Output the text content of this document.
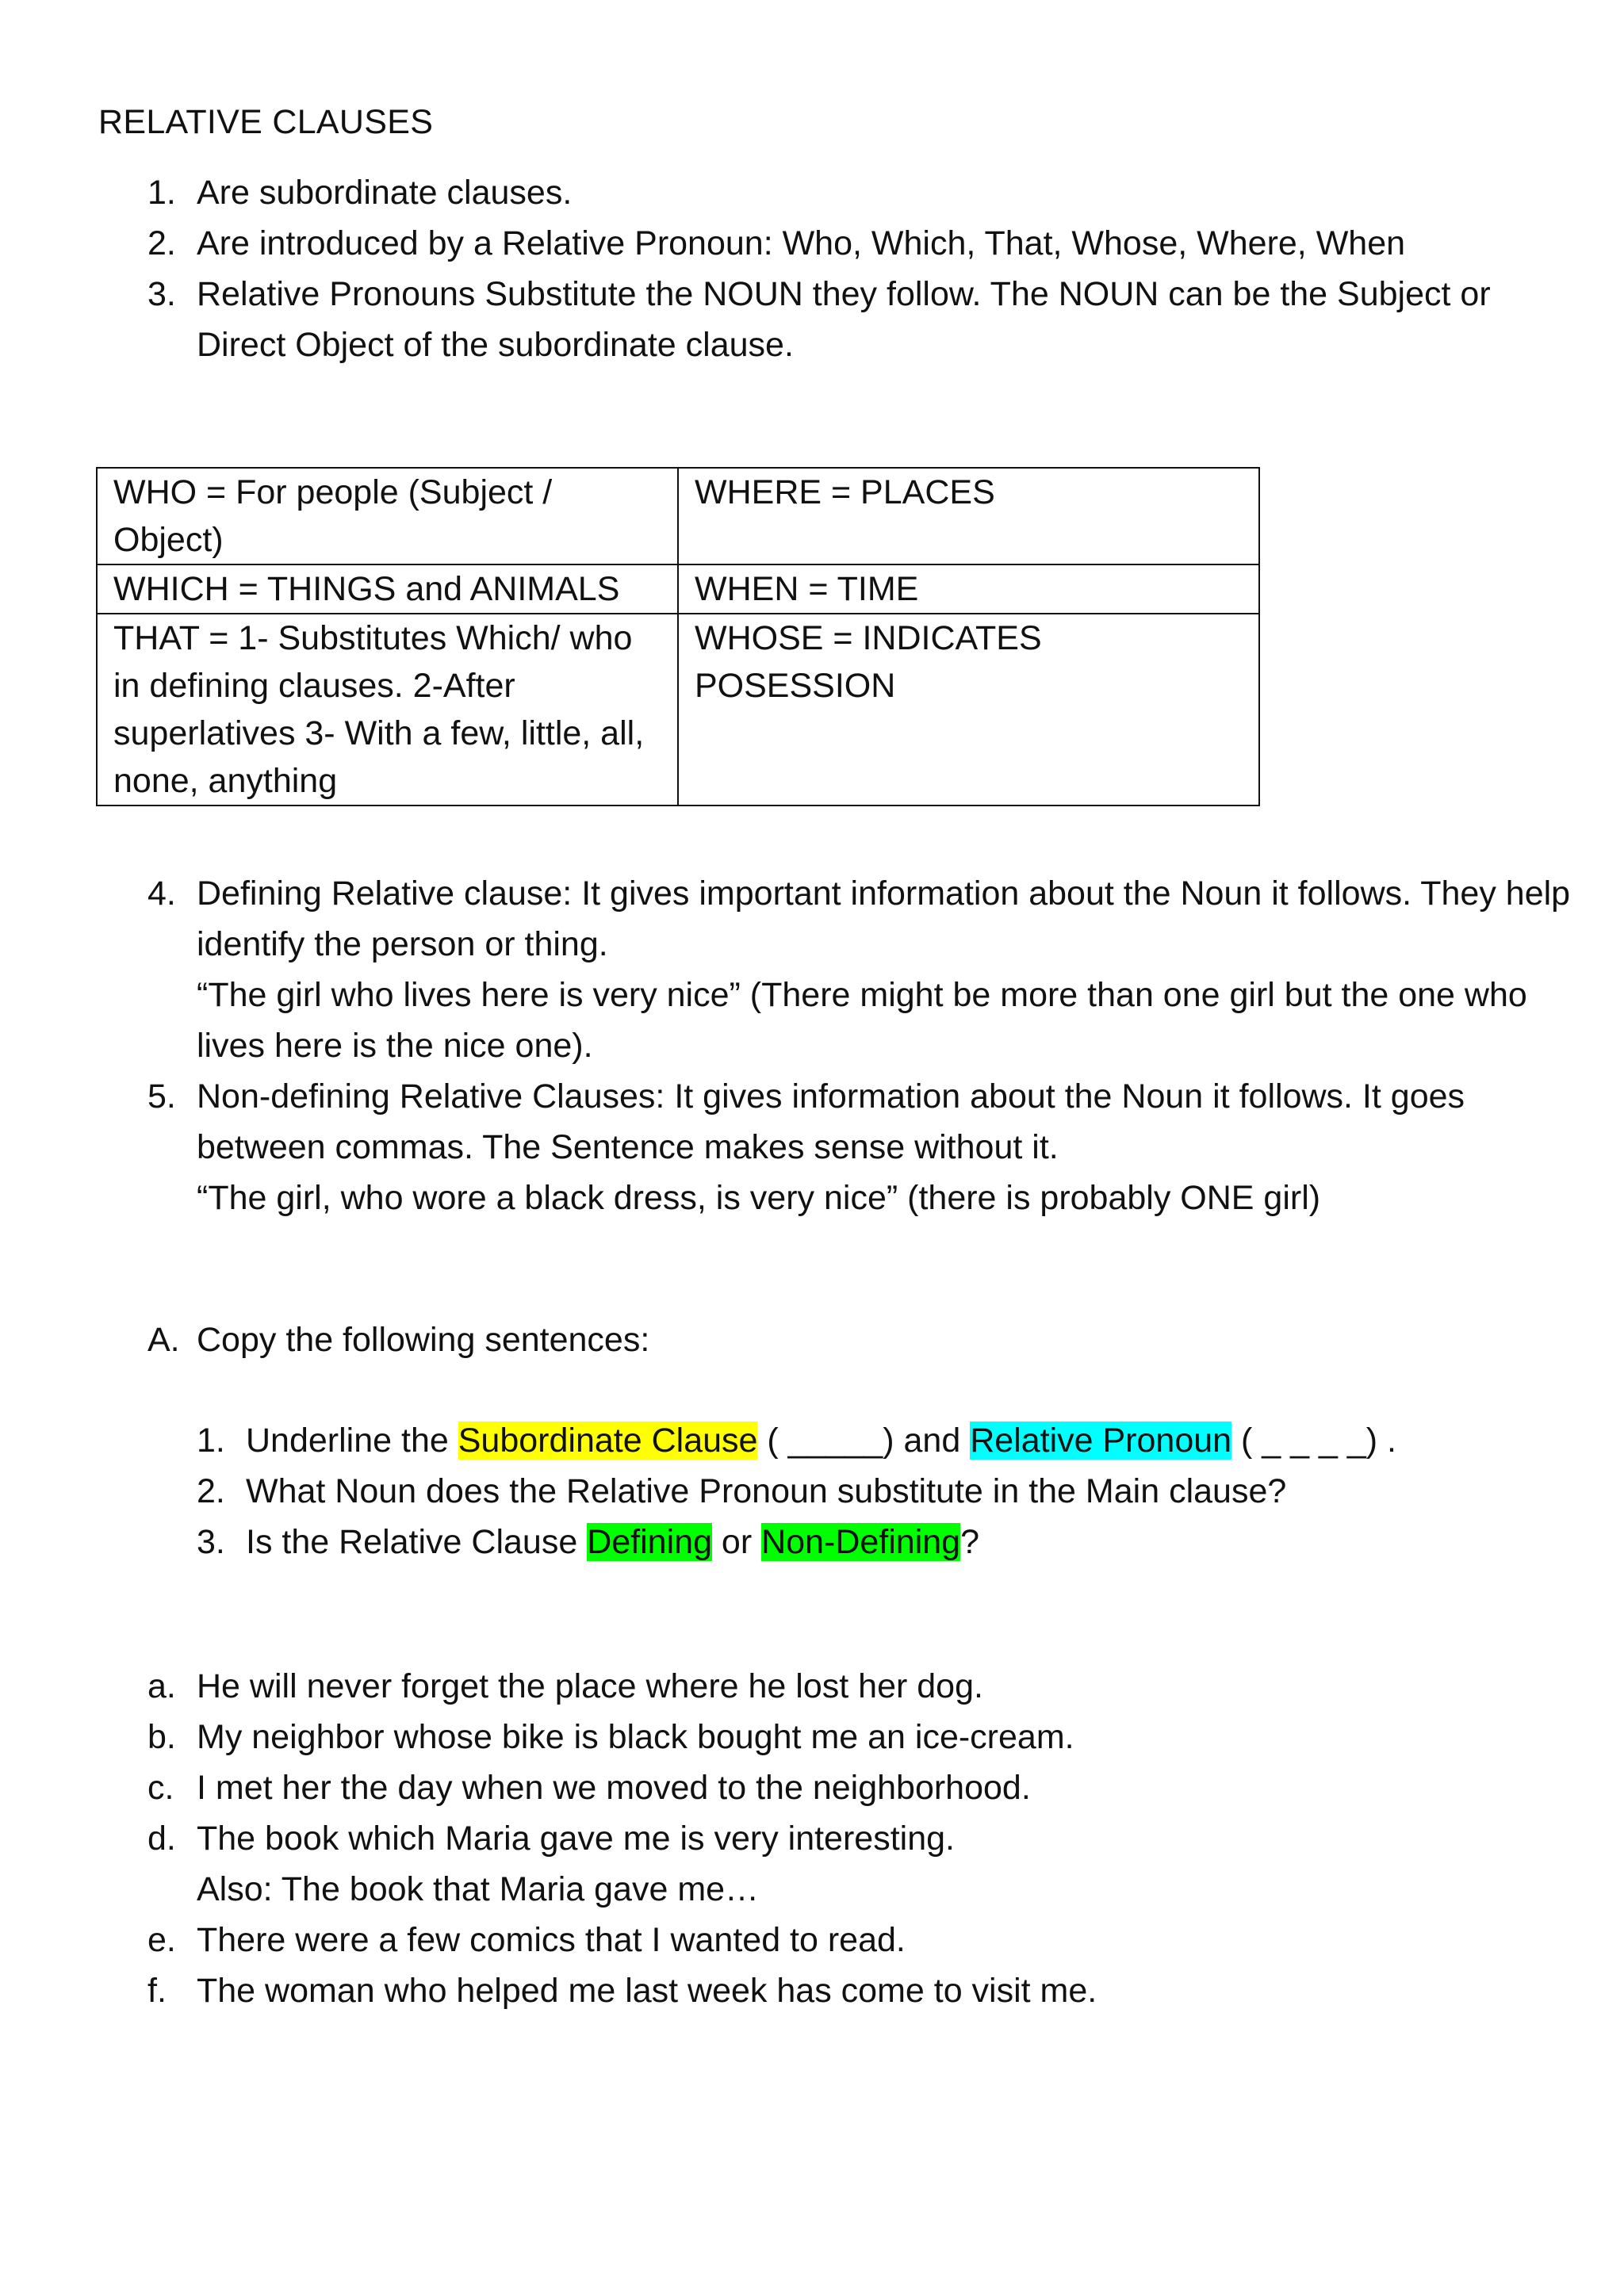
RELATIVE CLAUSES
1. Are subordinate clauses.
2. Are introduced by a Relative Pronoun: Who, Which, That, Whose, Where, When
3. Relative Pronouns Substitute the NOUN they follow. The NOUN can be the Subject or Direct Object of the subordinate clause.
WHO = For people (Subject / Object)	WHERE = PLACES
WHICH = THINGS and ANIMALS	WHEN = TIME
THAT = 1- Substitutes Which/ who in defining clauses. 2-After superlatives 3- With a few, little, all, none, anything	WHOSE = INDICATES POSESSION
4. Defining Relative clause: It gives important information about the Noun it follows. They help identify the person or thing.
“The girl who lives here is very nice” (There might be more than one girl but the one who lives here is the nice one).
5. Non-defining Relative Clauses: It gives information about the Noun it follows. It goes between commas. The Sentence makes sense without it.
“The girl, who wore a black dress, is very nice” (there is probably ONE girl)
A. Copy the following sentences:
1. Underline the Subordinate Clause ( _____) and Relative Pronoun ( _ _ _ _) .
2. What Noun does the Relative Pronoun substitute in the Main clause?
3. Is the Relative Clause Defining or Non-Defining?
a. He will never forget the place where he lost her dog.
b. My neighbor whose bike is black bought me an ice-cream.
c. I met her the day when we moved to the neighborhood.
d. The book which Maria gave me is very interesting.
Also: The book that Maria gave me…
e. There were a few comics that I wanted to read.
f. The woman who helped me last week has come to visit me.
